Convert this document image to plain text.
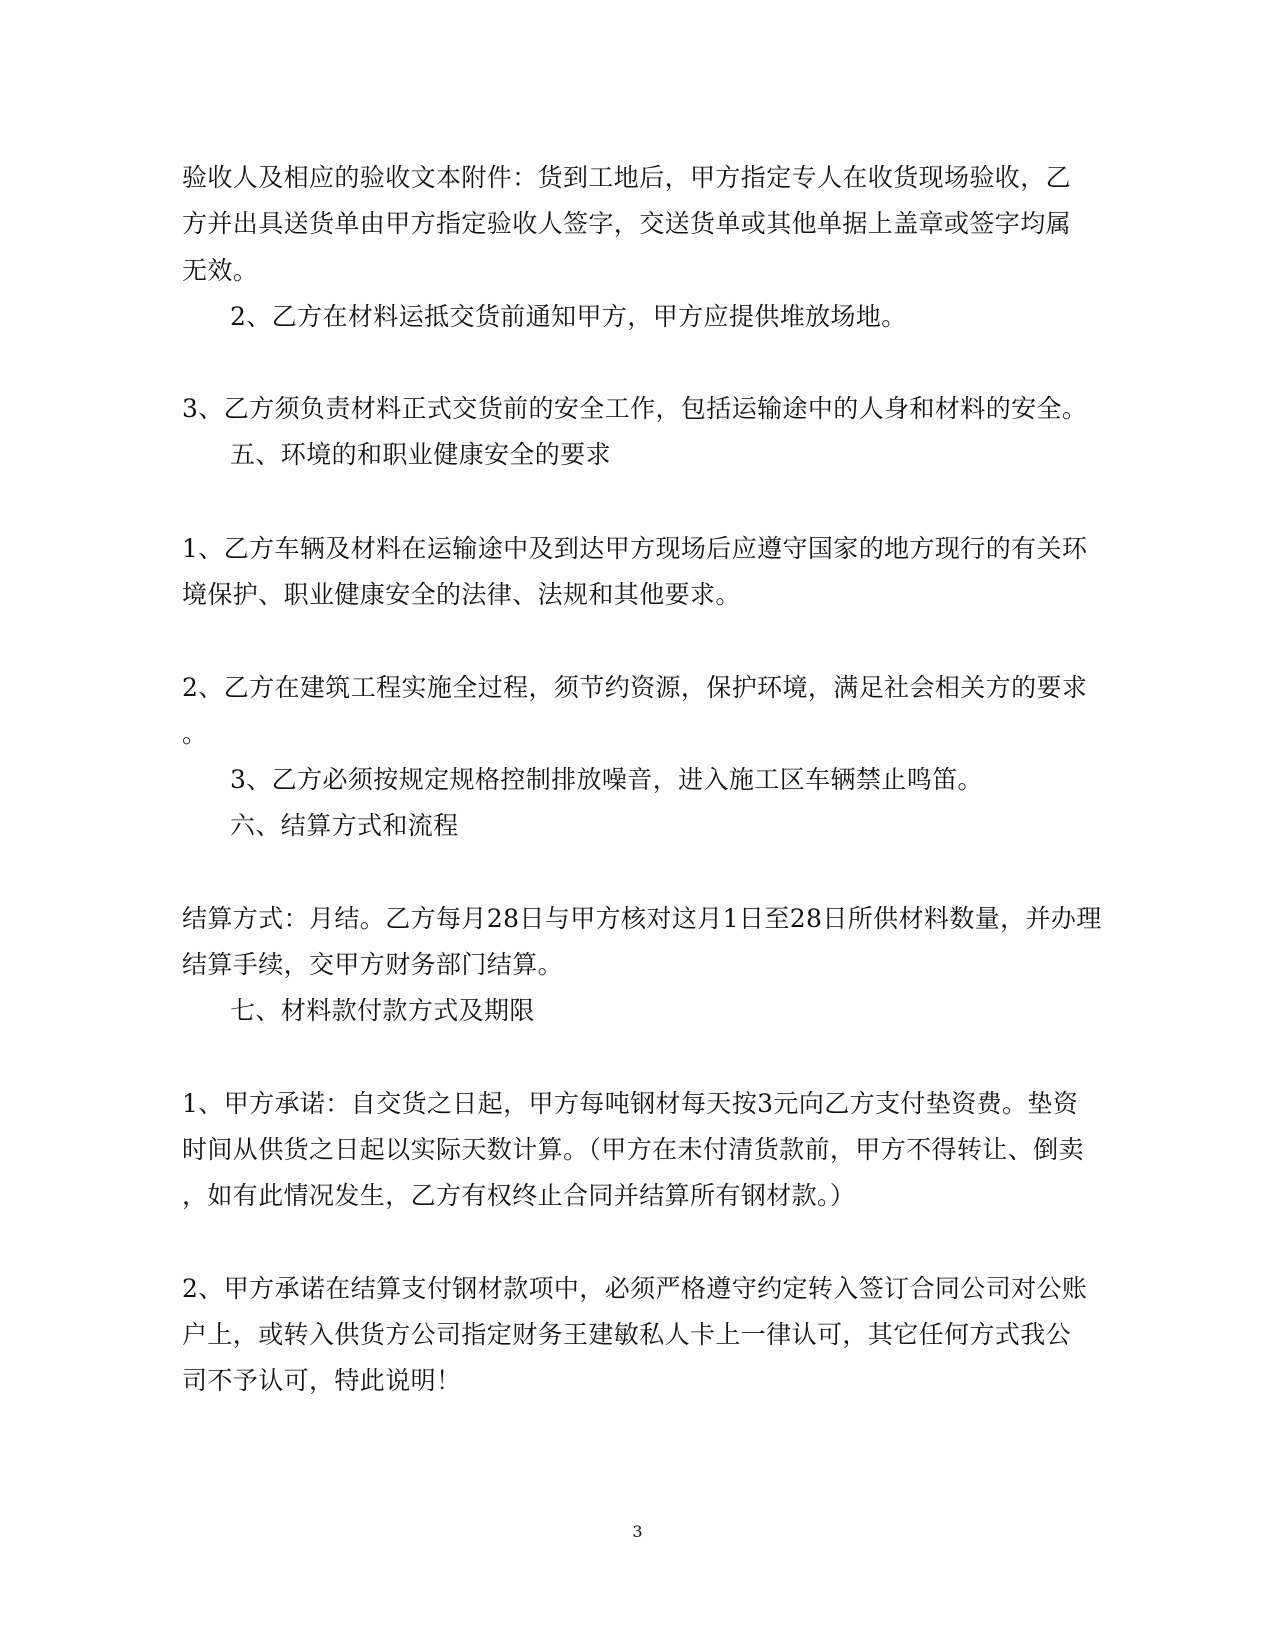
验收人及相应的验收文本附件：货到工地后，甲方指定专人在收货现场验收，乙
方并出具送货单由甲方指定验收人签字，交送货单或其他单据上盖章或签字均属
无效。
2、乙方在材料运抵交货前通知甲方，甲方应提供堆放场地。
3、乙方须负责材料正式交货前的安全工作，包括运输途中的人身和材料的安全。
五、环境的和职业健康安全的要求
1、乙方车辆及材料在运输途中及到达甲方现场后应遵守国家的地方现行的有关环
境保护、职业健康安全的法律、法规和其他要求。
2、乙方在建筑工程实施全过程，须节约资源，保护环境，满足社会相关方的要求
。
3、乙方必须按规定规格控制排放噪音，进入施工区车辆禁止鸣笛。
六、结算方式和流程
结算方式：月结。乙方每月28日与甲方核对这月1日至28日所供材料数量，并办理
结算手续，交甲方财务部门结算。
七、材料款付款方式及期限
1、甲方承诺：自交货之日起，甲方每吨钢材每天按3元向乙方支付垫资费。垫资
时间从供货之日起以实际天数计算。（甲方在未付清货款前，甲方不得转让、倒卖
，如有此情况发生，乙方有权终止合同并结算所有钢材款。）
2、甲方承诺在结算支付钢材款项中，必须严格遵守约定转入签订合同公司对公账
户上，或转入供货方公司指定财务王建敏私人卡上一律认可，其它任何方式我公
司不予认可，特此说明！
3
